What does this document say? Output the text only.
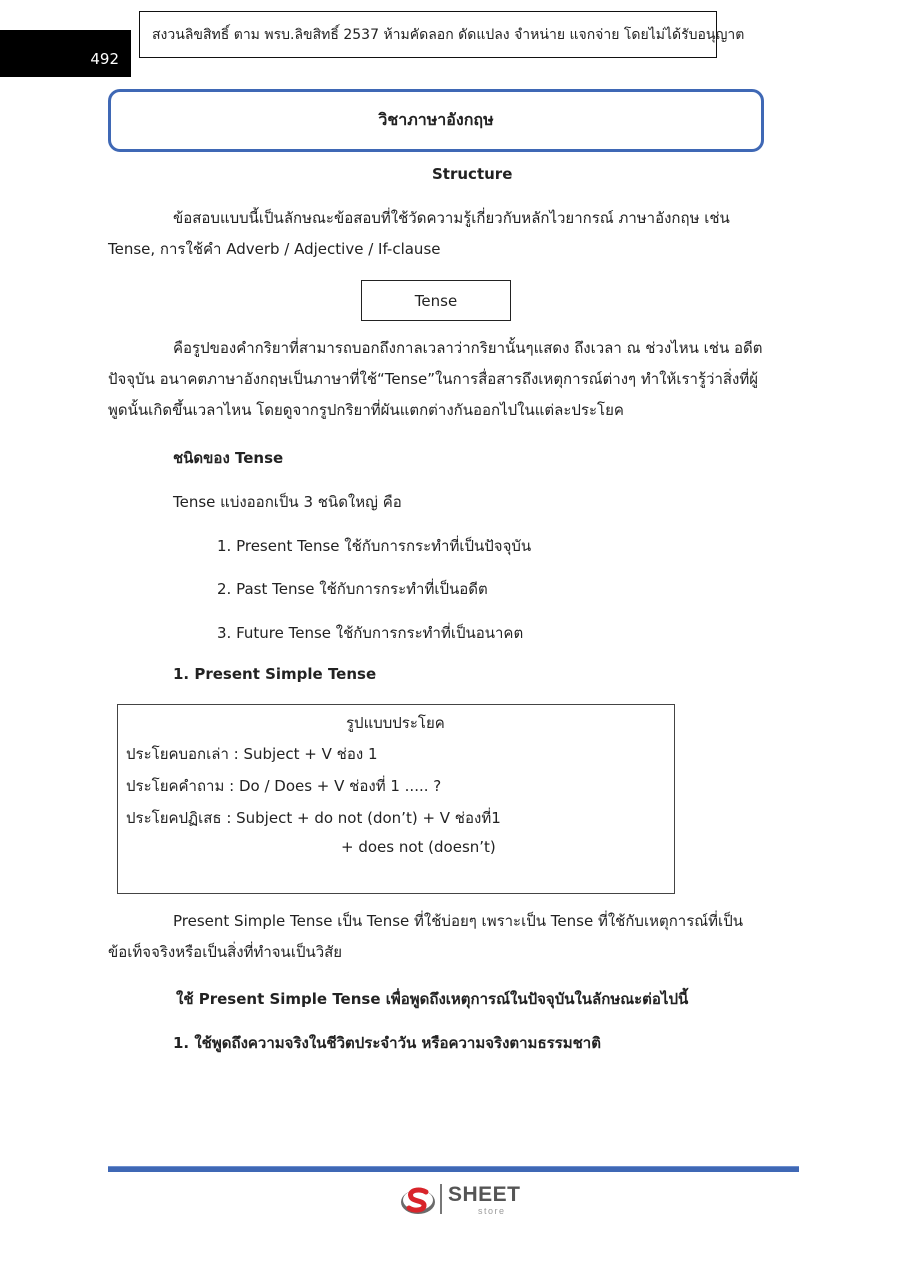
492
สงวนลิขสิทธิ์ ตาม พรบ.ลิขสิทธิ์ 2537 ห้ามคัดลอก ดัดแปลง จำหน่าย แจกจ่าย โดยไม่ได้รับอนุญาต
วิชาภาษาอังกฤษ
Structure
ข้อสอบแบบนี้เป็นลักษณะข้อสอบที่ใช้วัดความรู้เกี่ยวกับหลักไวยากรณ์ ภาษาอังกฤษ เช่น
Tense, การใช้คำ Adverb / Adjective / If-clause
Tense
คือรูปของคำกริยาที่สามารถบอกถึงกาลเวลาว่ากริยานั้นๆแสดง ถึงเวลา ณ ช่วงไหน เช่น อดีต
ปัจจุบัน อนาคตภาษาอังกฤษเป็นภาษาที่ใช้“Tense”ในการสื่อสารถึงเหตุการณ์ต่างๆ ทำให้เรารู้ว่าสิ่งที่ผู้
พูดนั้นเกิดขึ้นเวลาไหน โดยดูจากรูปกริยาที่ผันแตกต่างกันออกไปในแต่ละประโยค
ชนิดของ Tense
Tense แบ่งออกเป็น 3 ชนิดใหญ่ คือ
1. Present Tense ใช้กับการกระทำที่เป็นปัจจุบัน
2. Past Tense ใช้กับการกระทำที่เป็นอดีต
3. Future Tense ใช้กับการกระทำที่เป็นอนาคต
1. Present Simple Tense
รูปแบบประโยค
ประโยคบอกเล่า : Subject + V ช่อง 1
ประโยคคำถาม : Do / Does + V ช่องที่ 1 ..... ?
ประโยคปฏิเสธ : Subject + do not (don’t) + V ช่องที่1
+ does not (doesn’t)
Present Simple Tense เป็น Tense ที่ใช้บ่อยๆ เพราะเป็น Tense ที่ใช้กับเหตุการณ์ที่เป็น
ข้อเท็จจริงหรือเป็นสิ่งที่ทำจนเป็นวิสัย
ใช้ Present Simple Tense เพื่อพูดถึงเหตุการณ์ในปัจจุบันในลักษณะต่อไปนี้
1. ใช้พูดถึงความจริงในชีวิตประจำวัน หรือความจริงตามธรรมชาติ
SHEET
store
